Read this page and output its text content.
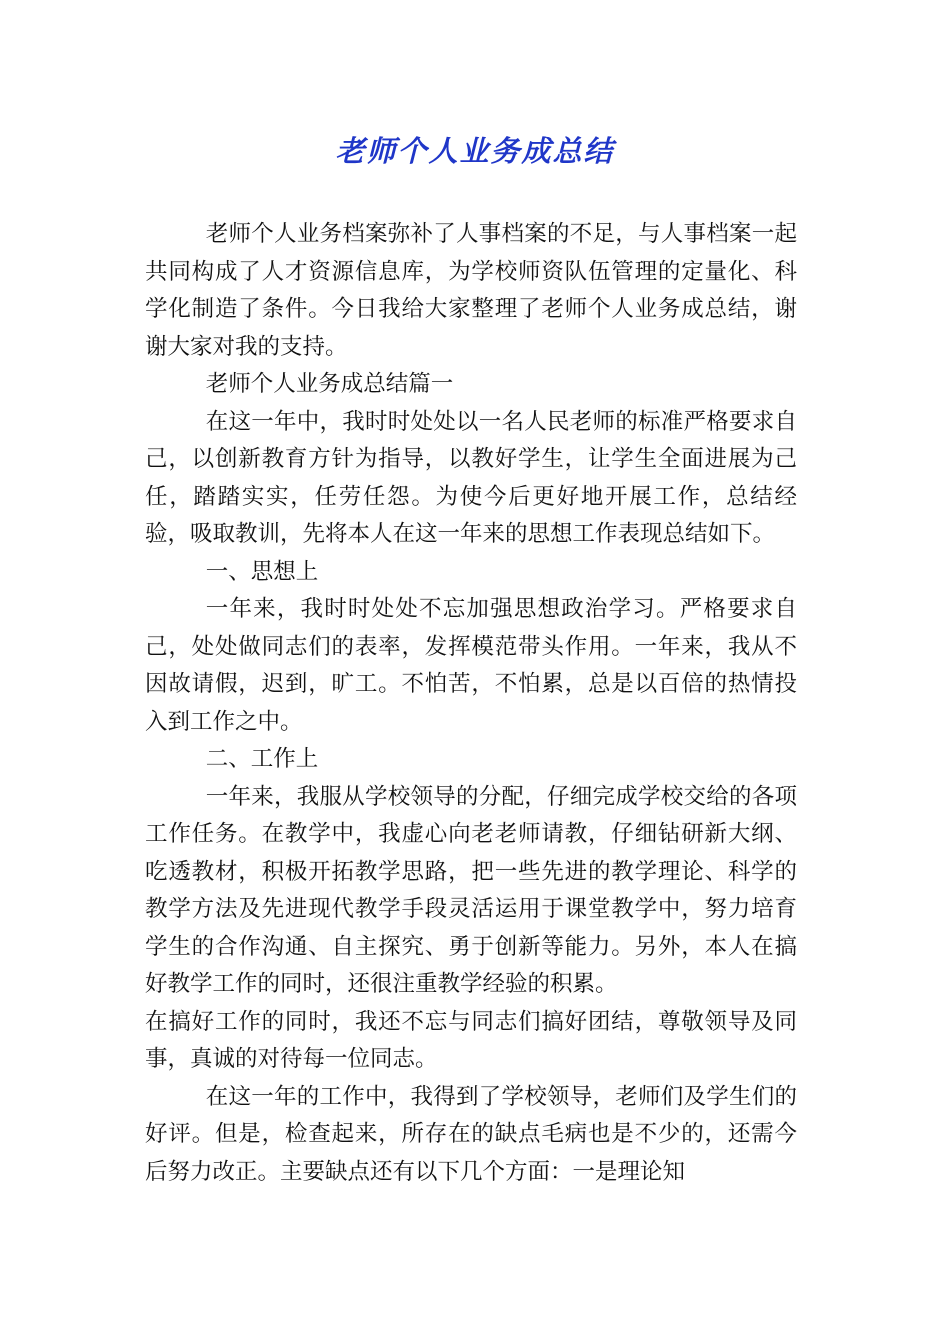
老师个人业务成总结

老师个人业务档案弥补了人事档案的不足，与人事档案一起共同构成了人才资源信息库，为学校师资队伍管理的定量化、科学化制造了条件。今日我给大家整理了老师个人业务成总结，谢谢大家对我的支持。

老师个人业务成总结篇一

在这一年中，我时时处处以一名人民老师的标准严格要求自己，以创新教育方针为指导，以教好学生，让学生全面进展为己任，踏踏实实，任劳任怨。为使今后更好地开展工作，总结经验，吸取教训，先将本人在这一年来的思想工作表现总结如下。

一、思想上

一年来，我时时处处不忘加强思想政治学习。严格要求自己，处处做同志们的表率，发挥模范带头作用。一年来，我从不因故请假，迟到，旷工。不怕苦，不怕累，总是以百倍的热情投入到工作之中。

二、工作上

一年来，我服从学校领导的分配，仔细完成学校交给的各项工作任务。在教学中，我虚心向老老师请教，仔细钻研新大纲、吃透教材，积极开拓教学思路，把一些先进的教学理论、科学的教学方法及先进现代教学手段灵活运用于课堂教学中，努力培育学生的合作沟通、自主探究、勇于创新等能力。另外，本人在搞好教学工作的同时，还很注重教学经验的积累。

在搞好工作的同时，我还不忘与同志们搞好团结，尊敬领导及同事，真诚的对待每一位同志。

在这一年的工作中，我得到了学校领导，老师们及学生们的好评。但是，检查起来，所存在的缺点毛病也是不少的，还需今后努力改正。主要缺点还有以下几个方面：一是理论知
